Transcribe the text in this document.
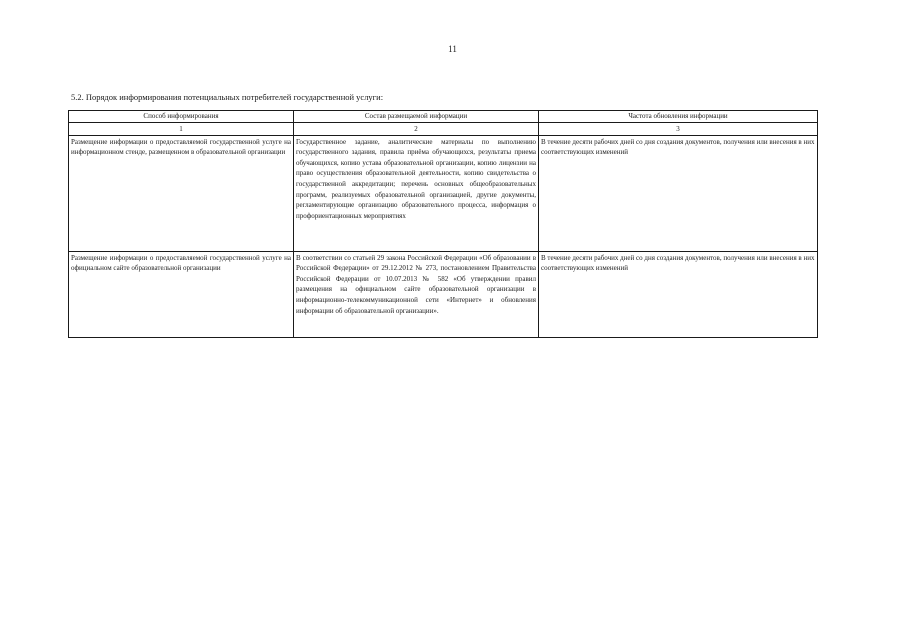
11
5.2. Порядок информирования потенциальных потребителей государственной услуги:
Способ информирования	Состав размещаемой информации	Частота обновления информации
1	2	3
Размещение информации о предоставляемой государственной услуге на информационном стенде, размещенном в образовательной организации	Государственное задание, аналитические материалы по выполнению государственного задания, правила приёма обучающихся, результаты приема обучающихся, копию устава образовательной организации, копию лицензии на право осуществления образовательной деятельности, копию свидетельства о государственной аккредитации; перечень основных общеобразовательных программ, реализуемых образовательной организацией, другие документы, регламентирующие организацию образовательного процесса, информация о профориентационных мероприятиях	В течение десяти рабочих дней со дня создания документов, получения или внесения в них соответствующих изменений
Размещение информации о предоставляемой государственной услуге на официальном сайте образовательной организации	В соответствии со статьей 29 закона Российской Федерации «Об образовании в Российской Федерации» от 29.12.2012 № 273, постановлением Правительства Российской Федерации от 10.07.2013 № 582 «Об утверждении правил размещения на официальном сайте образовательной организации в информационно-телекоммуникационной сети «Интернет» и обновления информации об образовательной организации».	В течение десяти рабочих дней со дня создания документов, получения или внесения в них соответствующих изменений
